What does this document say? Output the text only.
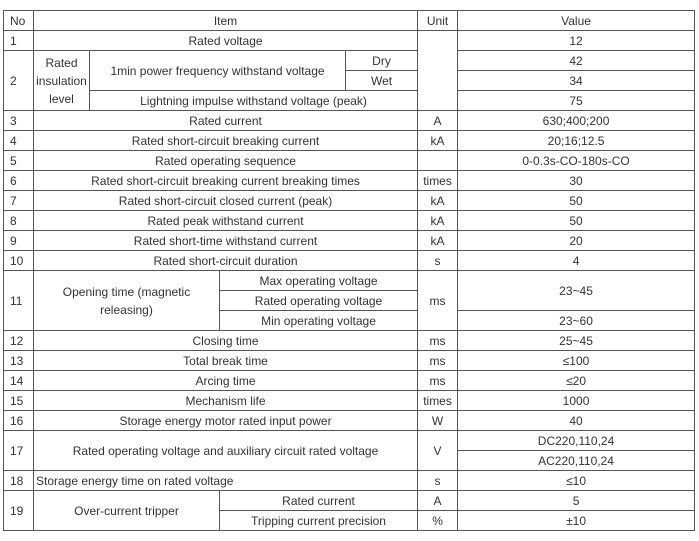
No	Item				Unit	Value
1	Rated voltage					12
2	Rated insulation level	1min power frequency withstand voltage		Dry		42
				Wet		34
		Lightning impulse withstand voltage (peak)				75
3	Rated current				A	630;400;200
4	Rated short-circuit breaking current				kA	20;16;12.5
5	Rated operating sequence					0-0.3s-CO-180s-CO
6	Rated short-circuit breaking current breaking times				times	30
7	Rated short-circuit closed current (peak)				kA	50
8	Rated peak withstand current				kA	50
9	Rated short-time withstand current				kA	20
10	Rated short-circuit duration				s	4
11	Opening time (magnetic releasing)		Max operating voltage		ms	23~45
			Rated operating voltage			
			Min operating voltage			23~60
12	Closing time				ms	25~45
13	Total break time				ms	≤100
14	Arcing time				ms	≤20
15	Mechanism life				times	1000
16	Storage energy motor rated input power				W	40
17	Rated operating voltage and auxiliary circuit rated voltage				V	DC220,110,24
						AC220,110,24
18	Storage energy time on rated voltage				s	≤10
19	Over-current tripper		Rated current		A	5
			Tripping current precision		%	±10
